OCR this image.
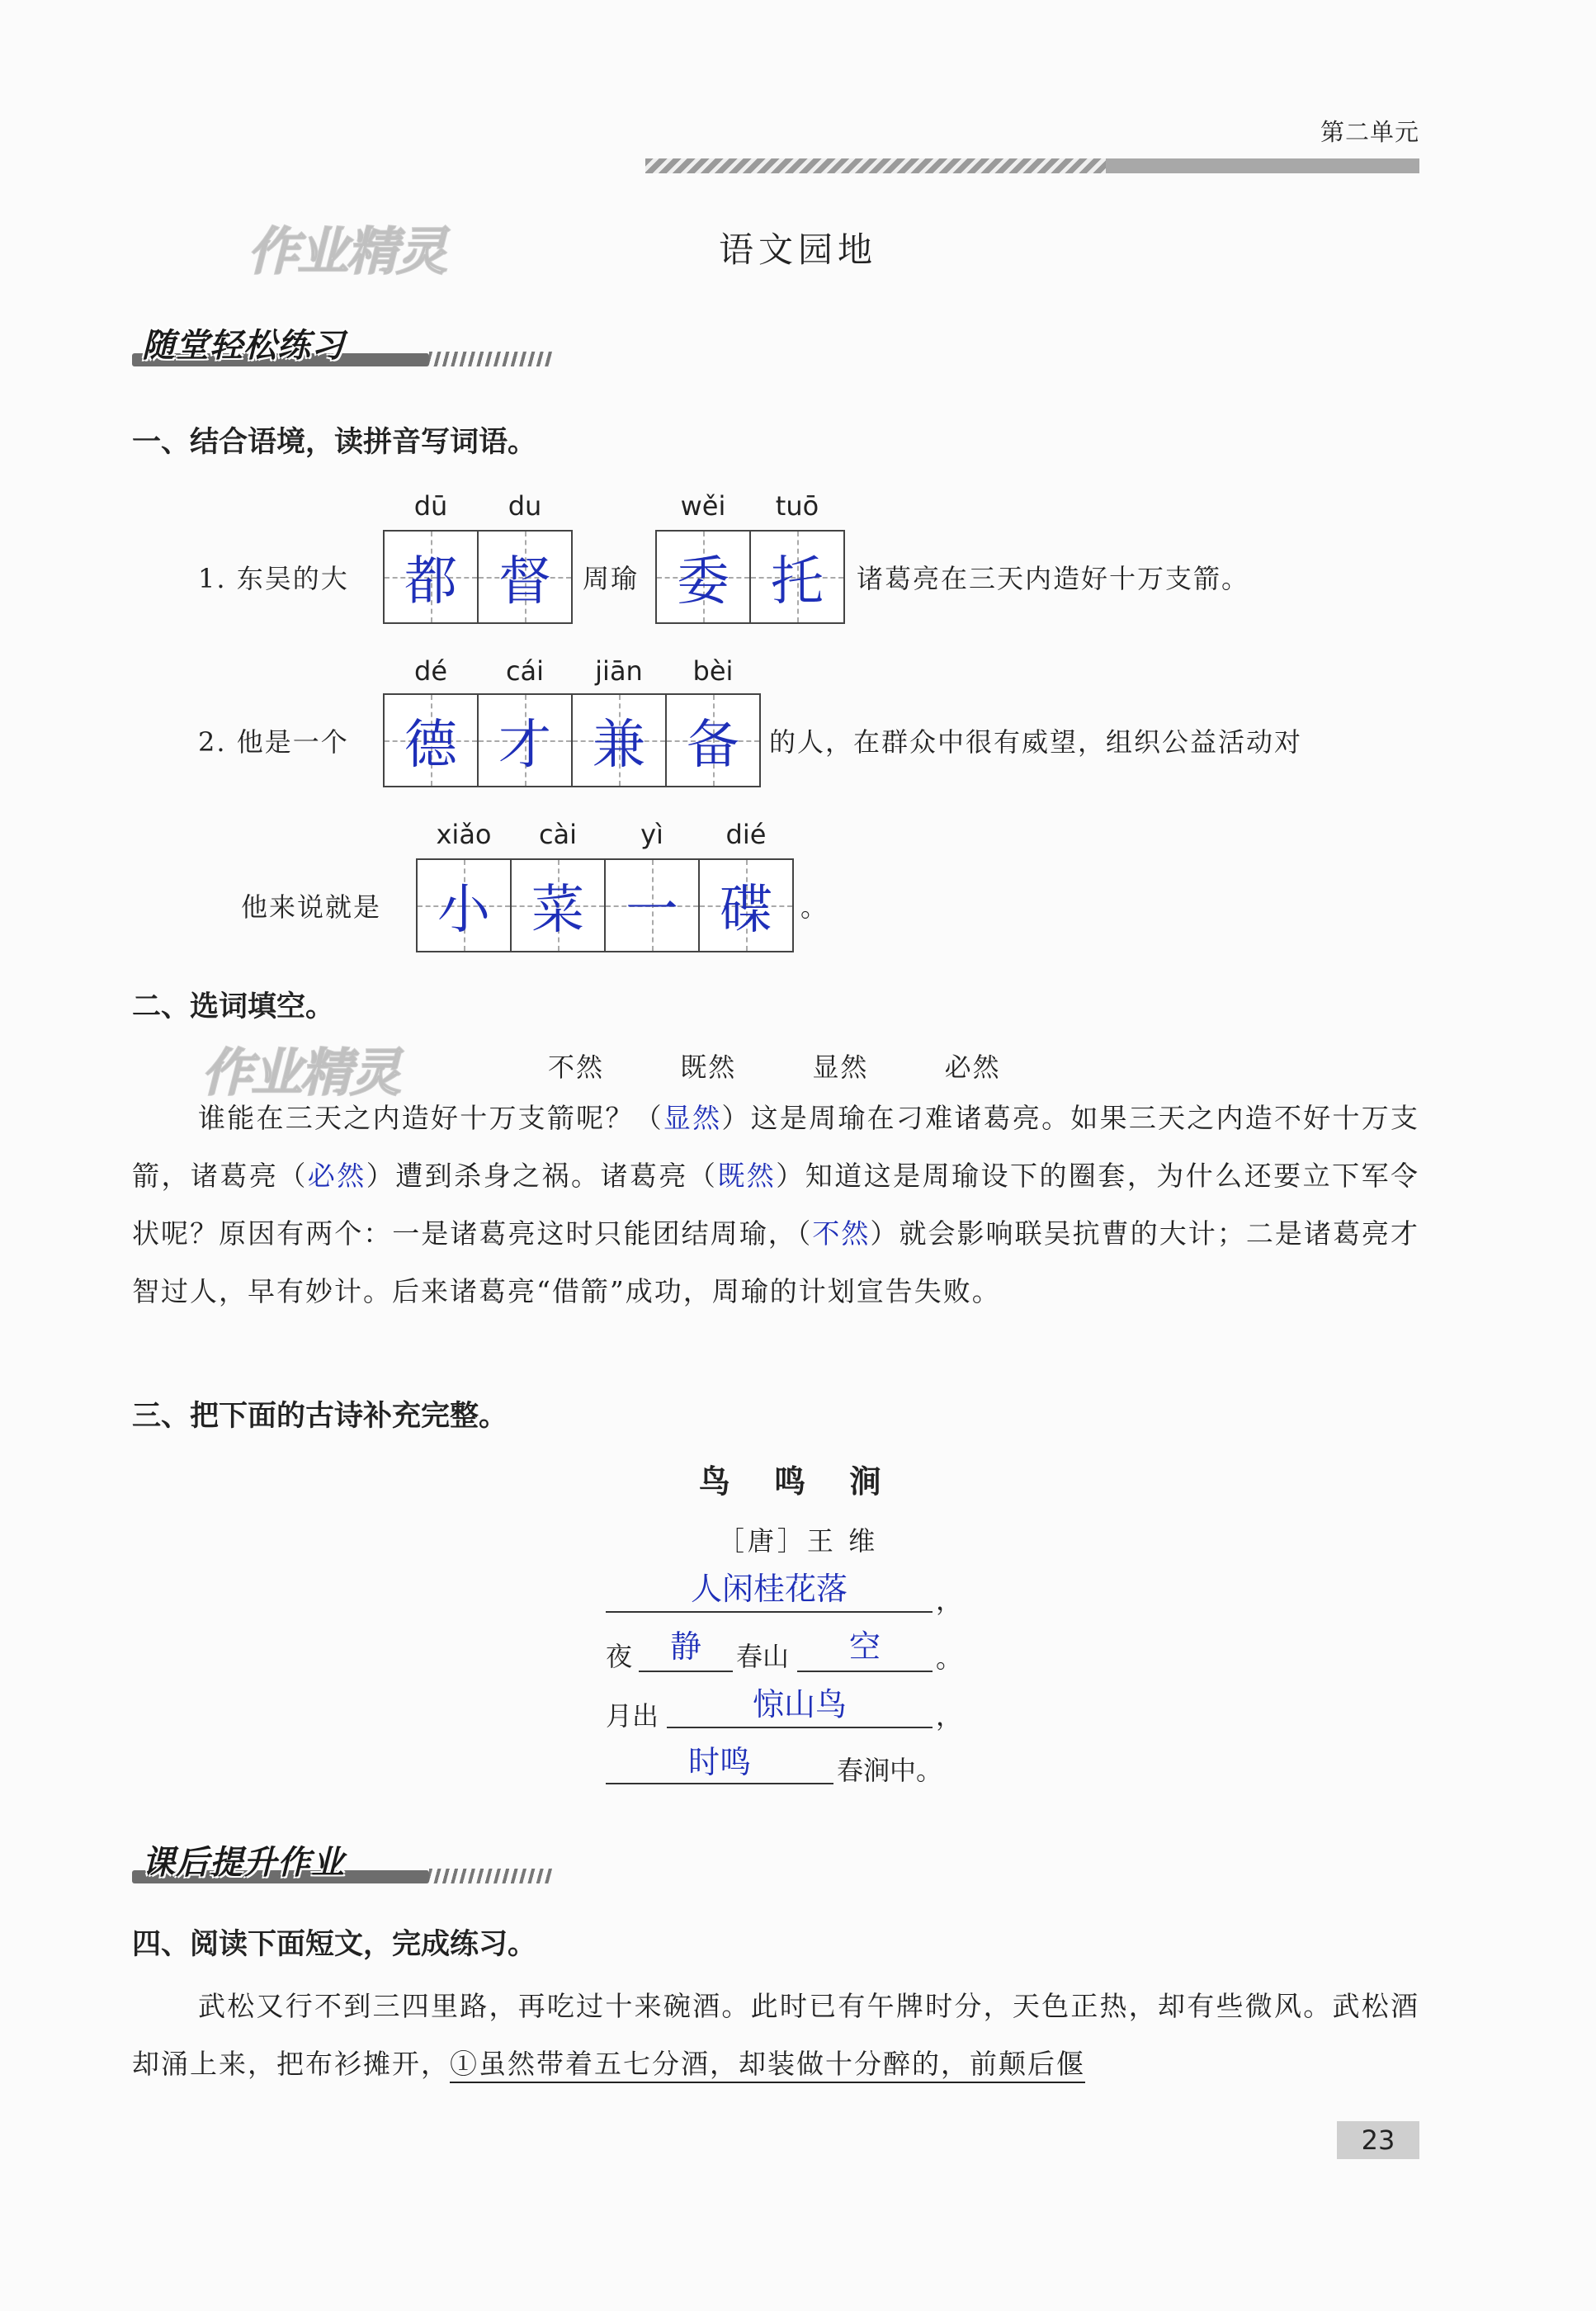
第二单元
语文园地
作业精灵
随堂轻松练习
一、结合语境，读拼音写词语。
dū	du	wěi	tuō
1. 东吴的大 都 督 周瑜 委 托 诸葛亮在三天内造好十万支箭。
dé	cái	jiān	bèi
2. 他是一个 德 才 兼 备 的人，在群众中很有威望，组织公益活动对
xiǎo	cài	yì	dié
他来说就是 小 菜 一 碟 。
二、选词填空。
作业精灵	不然	既然	显然	必然
谁能在三天之内造好十万支箭呢？（显然）这是周瑜在刁难诸葛亮。如果三天之内造不好十万支箭，诸葛亮（必然）遭到杀身之祸。诸葛亮（既然）知道这是周瑜设下的圈套，为什么还要立下军令状呢？原因有两个：一是诸葛亮这时只能团结周瑜，（不然）就会影响联吴抗曹的大计；二是诸葛亮才智过人，早有妙计。后来诸葛亮“借箭”成功，周瑜的计划宣告失败。
三、把下面的古诗补充完整。
鸟 鸣 涧
［唐］王 维
人闲桂花落	，
夜	静	春山	空	。
月出	惊山鸟	，
时鸣	春涧中。
课后提升作业
四、阅读下面短文，完成练习。
武松又行不到三四里路，再吃过十来碗酒。此时已有午牌时分，天色正热，却有些微风。武松酒却涌上来，把布衫摊开，①虽然带着五七分酒，却装做十分醉的，前颠后偃
23
